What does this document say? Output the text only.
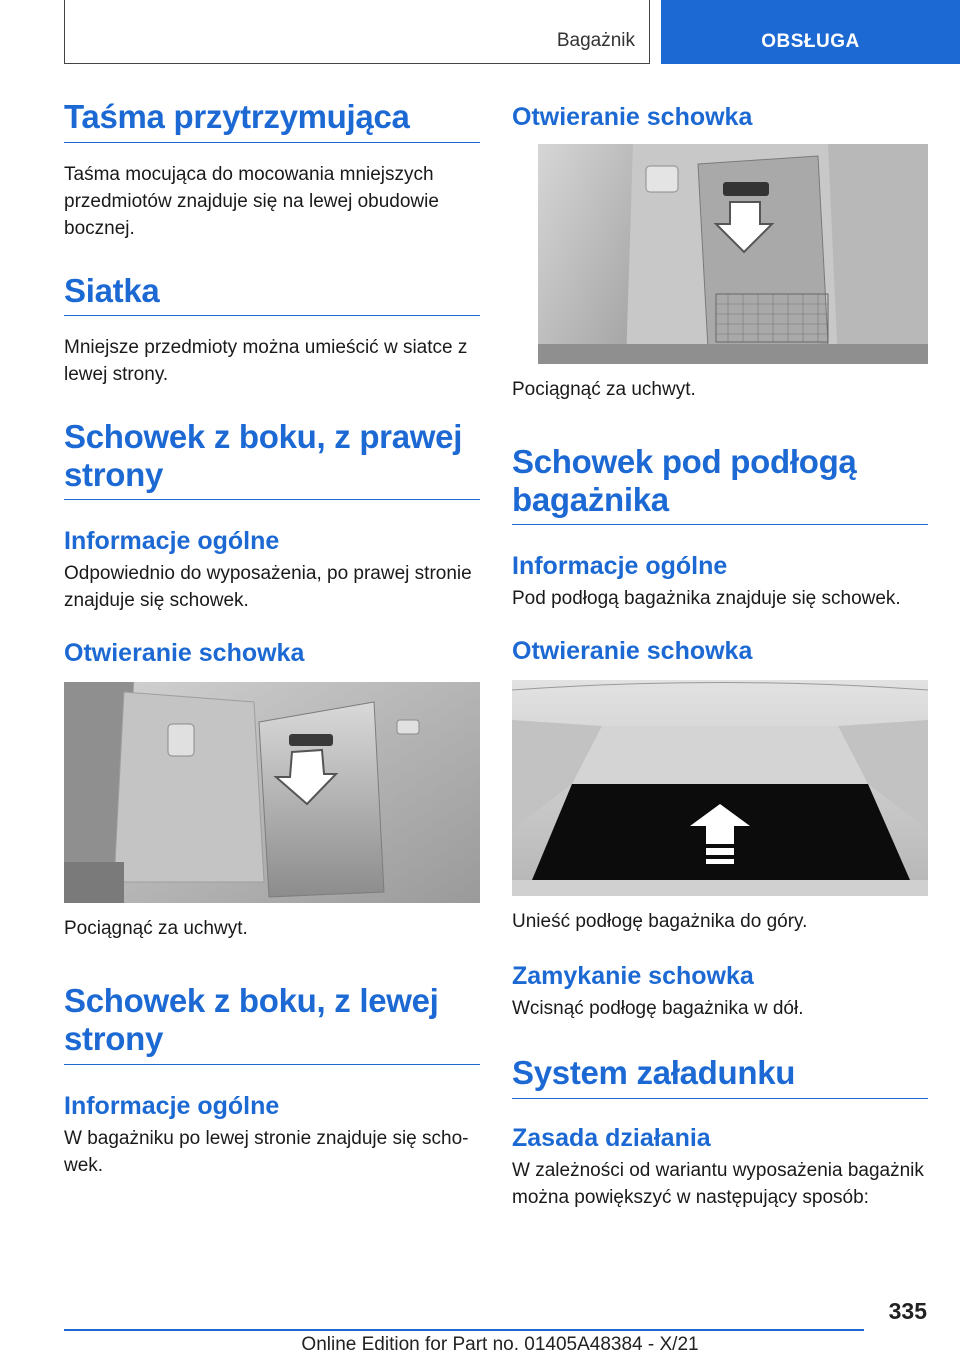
Bagażnik	OBSŁUGA
Taśma przytrzymująca

Taśma mocująca do mocowania mniejszych przedmiotów znajduje się na lewej obudowie bocznej.

Siatka

Mniejsze przedmioty można umieścić w siatce z lewej strony.

Schowek z boku, z prawej strony
Informacje ogólne

Odpowiednio do wyposażenia, po prawej stronie znajduje się schowek.

Otwieranie schowka

Pociągnąć za uchwyt.

Schowek z boku, z lewej strony
Informacje ogólne

W bagażniku po lewej stronie znajduje się scho-wek.

Otwieranie schowka

Pociągnąć za uchwyt.

Schowek pod podłogą bagażnika
Informacje ogólne

Pod podłogą bagażnika znajduje się schowek.

Otwieranie schowka

Unieść podłogę bagażnika do góry.

Zamykanie schowka

Wcisnąć podłogę bagażnika w dół.

System załadunku
Zasada działania

W zależności od wariantu wyposażenia bagażnik można powiększyć w następujący sposób:

335
Online Edition for Part no. 01405A48384 - X/21
